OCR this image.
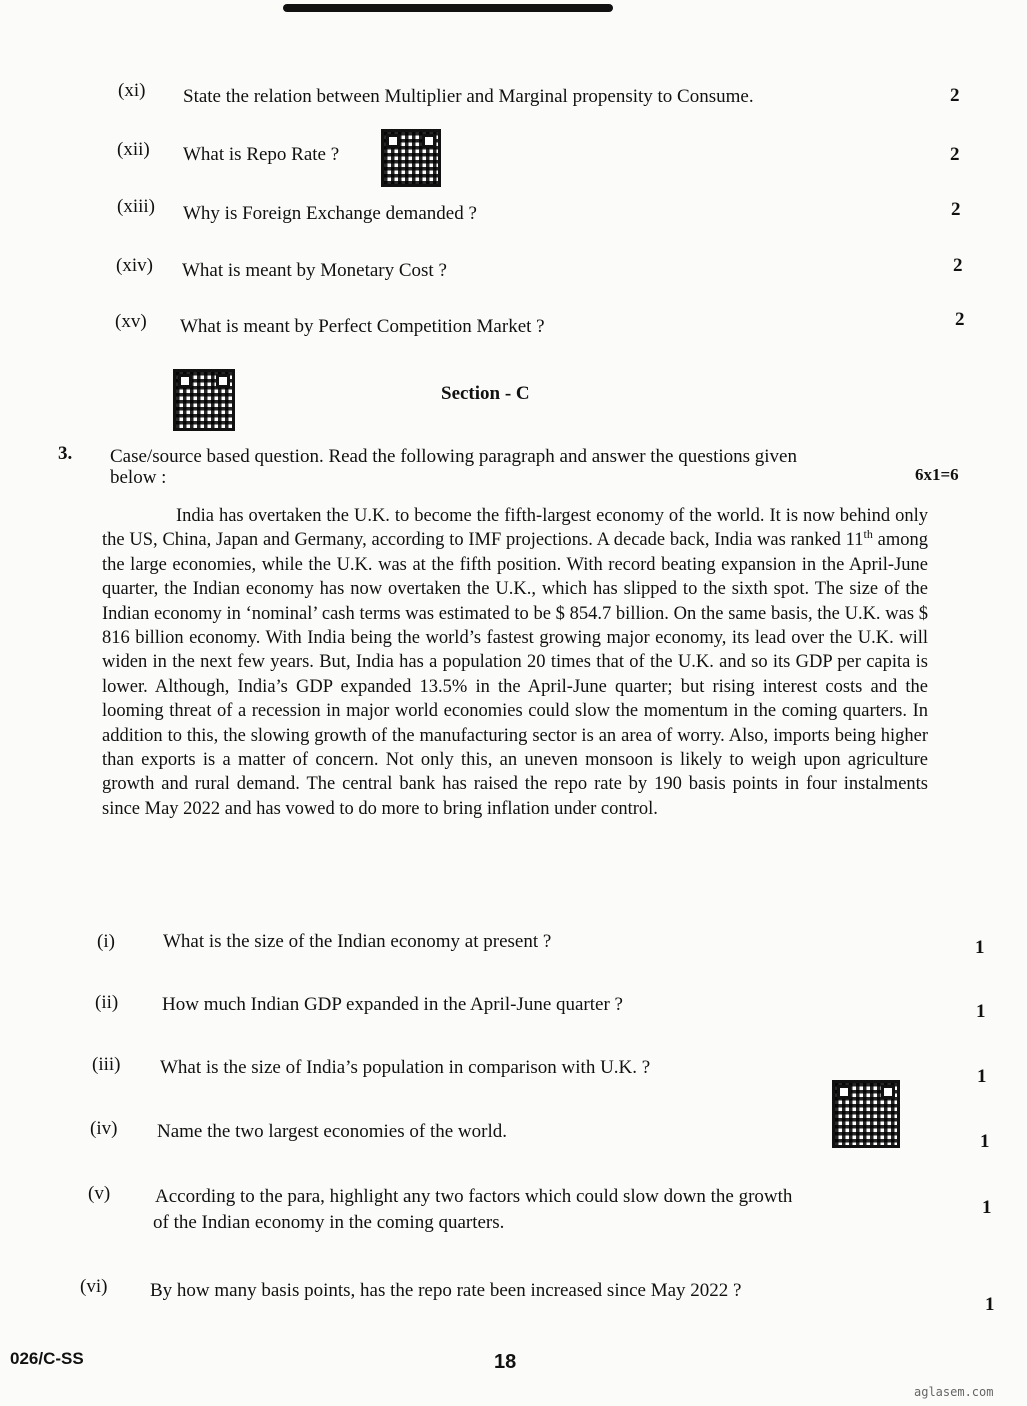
(xi) State the relation between Multiplier and Marginal propensity to Consume.	2
(xii) What is Repo Rate ?	2
(xiii) Why is Foreign Exchange demanded ?	2
(xiv) What is meant by Monetary Cost ?	2
(xv) What is meant by Perfect Competition Market ?	2
Section - C
3. Case/source based question. Read the following paragraph and answer the questions given
below :	6x1=6
India has overtaken the U.K. to become the fifth-largest economy of the world. It is now behind only the US, China, Japan and Germany, according to IMF projections. A decade back, India was ranked 11th among the large economies, while the U.K. was at the fifth position. With record beating expansion in the April-June quarter, the Indian economy has now overtaken the U.K., which has slipped to the sixth spot. The size of the Indian economy in ‘nominal’ cash terms was estimated to be $ 854.7 billion. On the same basis, the U.K. was $ 816 billion economy. With India being the world’s fastest growing major economy, its lead over the U.K. will widen in the next few years. But, India has a population 20 times that of the U.K. and so its GDP per capita is lower. Although, India’s GDP expanded 13.5% in the April-June quarter; but rising interest costs and the looming threat of a recession in major world economies could slow the momentum in the coming quarters. In addition to this, the slowing growth of the manufacturing sector is an area of worry. Also, imports being higher than exports is a matter of concern. Not only this, an uneven monsoon is likely to weigh upon agriculture growth and rural demand. The central bank has raised the repo rate by 190 basis points in four instalments since May 2022 and has vowed to do more to bring inflation under control.
(i)	What is the size of the Indian economy at present ?	1
(ii) How much Indian GDP expanded in the April-June quarter ?	1
(iii) What is the size of India’s population in comparison with U.K. ?	1
(iv) Name the two largest economies of the world.	1
(v) According to the para, highlight any two factors which could slow down the growth
of the Indian economy in the coming quarters.
1
(vi) By how many basis points, has the repo rate been increased since May 2022 ?
1
026/C-SS	18
aglasem.com
